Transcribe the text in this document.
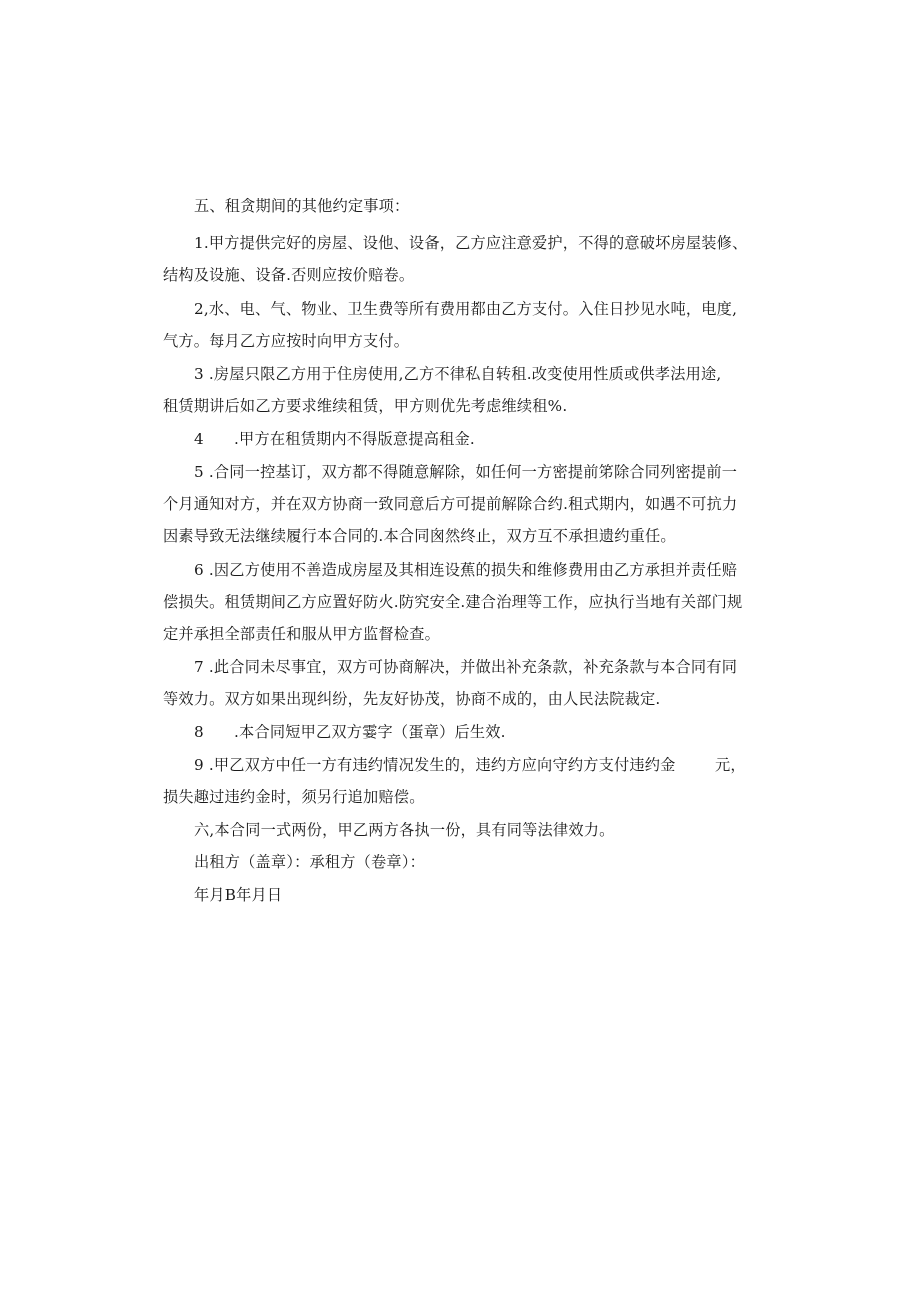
五、租贪期间的其他约定事项：
1.甲方提供完好的房屋、设他、设备，乙方应注意爱护，不得的意破坏房屋装修、
结构及设施、设备.否则应按价赔卷。
2,水、电、气、物业、卫生费等所有费用都由乙方支付。入住日抄见水吨，电度,
气方。每月乙方应按时向甲方支付。
3 .房屋只限乙方用于住房使用,乙方不律私自转租.改变使用性质或供孝法用途,
租赁期讲后如乙方要求维续租赁，甲方则优先考虑维续租%.
4      .甲方在租赁期内不得版意提高租金.
5 .合同一控基订，双方都不得随意解除，如任何一方密提前笫除合同列密提前一
个月通知对方，并在双方协商一致同意后方可提前解除合约.租式期内，如遇不可抗力
因素导致无法继续履行本合同的.本合同囪然终止，双方互不承担遗约重任。
6 .因乙方使用不善造成房屋及其相连设蕉的损失和维修费用由乙方承担并责任赔
偿损失。租赁期间乙方应置好防火.防究安全.建合治理等工作，应执行当地有关部门规
定并承担全部责任和服从甲方监督检查。
7 .此合同未尽事宜，双方可协商解决，并做出补充条款，补充条款与本合同有同
等效力。双方如果出现纠纷，先友好协茂，协商不成的，由人民法院裁定.
8      .本合同短甲乙双方霎字（蛋章）后生效.
9 .甲乙双方中任一方有违约情况发生的，违约方应向守约方支付违约金	元，
损失趣过违约金时，须另行追加赔偿。
六,本合同一式两份，甲乙两方各执一份，具有同等法律效力。
出租方（盖章）：承租方（卷章）：
年月B年月日
